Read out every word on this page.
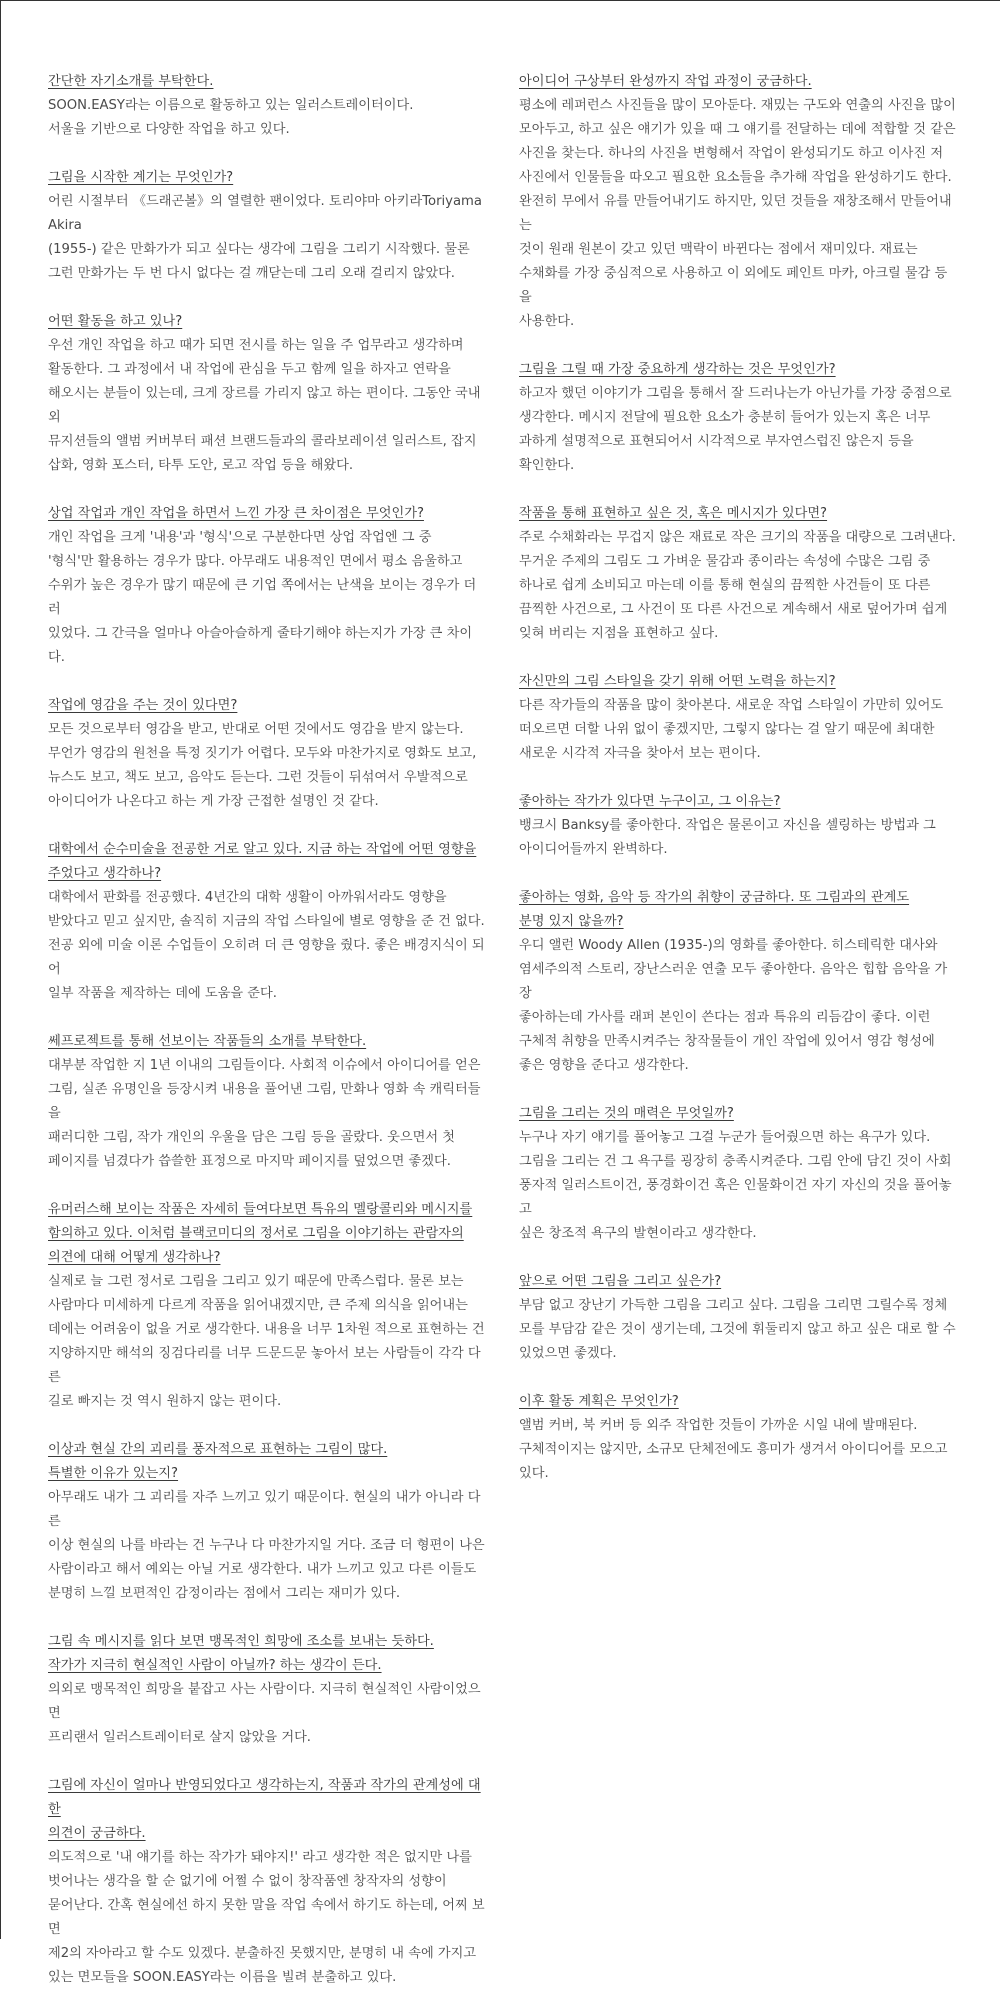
간단한 자기소개를 부탁한다.

SOON.EASY라는 이름으로 활동하고 있는 일러스트레이터이다.
서울을 기반으로 다양한 작업을 하고 있다.

그림을 시작한 계기는 무엇인가?

어린 시절부터 《드래곤볼》의 열렬한 팬이었다. 토리야마 아키라Toriyama Akira
(1955-) 같은 만화가가 되고 싶다는 생각에 그림을 그리기 시작했다. 물론
그런 만화가는 두 번 다시 없다는 걸 깨닫는데 그리 오래 걸리지 않았다.

어떤 활동을 하고 있나?

우선 개인 작업을 하고 때가 되면 전시를 하는 일을 주 업무라고 생각하며
활동한다. 그 과정에서 내 작업에 관심을 두고 함께 일을 하자고 연락을
해오시는 분들이 있는데, 크게 장르를 가리지 않고 하는 편이다. 그동안 국내외
뮤지션들의 앨범 커버부터 패션 브랜드들과의 콜라보레이션 일러스트, 잡지
삽화, 영화 포스터, 타투 도안, 로고 작업 등을 해왔다.

상업 작업과 개인 작업을 하면서 느낀 가장 큰 차이점은 무엇인가?

개인 작업을 크게 '내용'과 '형식'으로 구분한다면 상업 작업엔 그 중
'형식'만 활용하는 경우가 많다. 아무래도 내용적인 면에서 평소 음울하고
수위가 높은 경우가 많기 때문에 큰 기업 쪽에서는 난색을 보이는 경우가 더러
있었다. 그 간극을 얼마나 아슬아슬하게 줄타기해야 하는지가 가장 큰 차이다.

작업에 영감을 주는 것이 있다면?

모든 것으로부터 영감을 받고, 반대로 어떤 것에서도 영감을 받지 않는다.
무언가 영감의 원천을 특정 짓기가 어렵다. 모두와 마찬가지로 영화도 보고,
뉴스도 보고, 책도 보고, 음악도 듣는다. 그런 것들이 뒤섞여서 우발적으로
아이디어가 나온다고 하는 게 가장 근접한 설명인 것 같다.

대학에서 순수미술을 전공한 거로 알고 있다. 지금 하는 작업에 어떤 영향을
주었다고 생각하나?

대학에서 판화를 전공했다. 4년간의 대학 생활이 아까워서라도 영향을
받았다고 믿고 싶지만, 솔직히 지금의 작업 스타일에 별로 영향을 준 건 없다.
전공 외에 미술 이론 수업들이 오히려 더 큰 영향을 줬다. 좋은 배경지식이 되어
일부 작품을 제작하는 데에 도움을 준다.

쎄프로젝트를 통해 선보이는 작품들의 소개를 부탁한다.

대부분 작업한 지 1년 이내의 그림들이다. 사회적 이슈에서 아이디어를 얻은
그림, 실존 유명인을 등장시켜 내용을 풀어낸 그림, 만화나 영화 속 캐릭터들을
패러디한 그림, 작가 개인의 우울을 담은 그림 등을 골랐다. 웃으면서 첫
페이지를 넘겼다가 씁쓸한 표정으로 마지막 페이지를 덮었으면 좋겠다.

유머러스해 보이는 작품은 자세히 들여다보면 특유의 멜랑콜리와 메시지를
함의하고 있다. 이처럼 블랙코미디의 정서로 그림을 이야기하는 관람자의
의견에 대해 어떻게 생각하나?

실제로 늘 그런 정서로 그림을 그리고 있기 때문에 만족스럽다. 물론 보는
사람마다 미세하게 다르게 작품을 읽어내겠지만, 큰 주제 의식을 읽어내는
데에는 어려움이 없을 거로 생각한다. 내용을 너무 1차원 적으로 표현하는 건
지양하지만 해석의 징검다리를 너무 드문드문 놓아서 보는 사람들이 각각 다른
길로 빠지는 것 역시 원하지 않는 편이다.

이상과 현실 간의 괴리를 풍자적으로 표현하는 그림이 많다.
특별한 이유가 있는지?

아무래도 내가 그 괴리를 자주 느끼고 있기 때문이다. 현실의 내가 아니라 다른
이상 현실의 나를 바라는 건 누구나 다 마찬가지일 거다. 조금 더 형편이 나은
사람이라고 해서 예외는 아닐 거로 생각한다. 내가 느끼고 있고 다른 이들도
분명히 느낄 보편적인 감정이라는 점에서 그리는 재미가 있다.

그림 속 메시지를 읽다 보면 맹목적인 희망에 조소를 보내는 듯하다.
작가가 지극히 현실적인 사람이 아닐까? 하는 생각이 든다.

의외로 맹목적인 희망을 붙잡고 사는 사람이다. 지극히 현실적인 사람이었으면
프리랜서 일러스트레이터로 살지 않았을 거다.

그림에 자신이 얼마나 반영되었다고 생각하는지, 작품과 작가의 관계성에 대한
의견이 궁금하다.

의도적으로 '내 얘기를 하는 작가가 돼야지!' 라고 생각한 적은 없지만 나를
벗어나는 생각을 할 순 없기에 어쩔 수 없이 창작품엔 창작자의 성향이
묻어난다. 간혹 현실에선 하지 못한 말을 작업 속에서 하기도 하는데, 어찌 보면
제2의 자아라고 할 수도 있겠다. 분출하진 못했지만, 분명히 내 속에 가지고
있는 면모들을 SOON.EASY라는 이름을 빌려 분출하고 있다.

아이디어 구상부터 완성까지 작업 과정이 궁금하다.

평소에 레퍼런스 사진들을 많이 모아둔다. 재밌는 구도와 연출의 사진을 많이
모아두고, 하고 싶은 얘기가 있을 때 그 얘기를 전달하는 데에 적합할 것 같은
사진을 찾는다. 하나의 사진을 변형해서 작업이 완성되기도 하고 이사진 저
사진에서 인물들을 따오고 필요한 요소들을 추가해 작업을 완성하기도 한다.
완전히 무에서 유를 만들어내기도 하지만, 있던 것들을 재창조해서 만들어내는
것이 원래 원본이 갖고 있던 맥락이 바뀐다는 점에서 재미있다. 재료는
수채화를 가장 중심적으로 사용하고 이 외에도 페인트 마카, 아크릴 물감 등을
사용한다.

그림을 그릴 때 가장 중요하게 생각하는 것은 무엇인가?

하고자 했던 이야기가 그림을 통해서 잘 드러나는가 아닌가를 가장 중점으로
생각한다. 메시지 전달에 필요한 요소가 충분히 들어가 있는지 혹은 너무
과하게 설명적으로 표현되어서 시각적으로 부자연스럽진 않은지 등을
확인한다.

작품을 통해 표현하고 싶은 것, 혹은 메시지가 있다면?

주로 수채화라는 무겁지 않은 재료로 작은 크기의 작품을 대량으로 그려낸다.
무거운 주제의 그림도 그 가벼운 물감과 종이라는 속성에 수많은 그림 중
하나로 쉽게 소비되고 마는데 이를 통해 현실의 끔찍한 사건들이 또 다른
끔찍한 사건으로, 그 사건이 또 다른 사건으로 계속해서 새로 덮어가며 쉽게
잊혀 버리는 지점을 표현하고 싶다.

자신만의 그림 스타일을 갖기 위해 어떤 노력을 하는지?

다른 작가들의 작품을 많이 찾아본다. 새로운 작업 스타일이 가만히 있어도
떠오르면 더할 나위 없이 좋겠지만, 그렇지 않다는 걸 알기 때문에 최대한
새로운 시각적 자극을 찾아서 보는 편이다.

좋아하는 작가가 있다면 누구이고, 그 이유는?

뱅크시 Banksy를 좋아한다. 작업은 물론이고 자신을 셀링하는 방법과 그
아이디어들까지 완벽하다.

좋아하는 영화, 음악 등 작가의 취향이 궁금하다. 또 그림과의 관계도
분명 있지 않을까?

우디 앨런 Woody Allen (1935-)의 영화를 좋아한다. 히스테릭한 대사와
염세주의적 스토리, 장난스러운 연출 모두 좋아한다. 음악은 힙합 음악을 가장
좋아하는데 가사를 래퍼 본인이 쓴다는 점과 특유의 리듬감이 좋다. 이런
구체적 취향을 만족시켜주는 창작물들이 개인 작업에 있어서 영감 형성에
좋은 영향을 준다고 생각한다.

그림을 그리는 것의 매력은 무엇일까?

누구나 자기 얘기를 풀어놓고 그걸 누군가 들어줬으면 하는 욕구가 있다.
그림을 그리는 건 그 욕구를 굉장히 충족시켜준다. 그림 안에 담긴 것이 사회
풍자적 일러스트이건, 풍경화이건 혹은 인물화이건 자기 자신의 것을 풀어놓고
싶은 창조적 욕구의 발현이라고 생각한다.

앞으로 어떤 그림을 그리고 싶은가?

부담 없고 장난기 가득한 그림을 그리고 싶다. 그림을 그리면 그릴수록 정체
모를 부담감 같은 것이 생기는데, 그것에 휘둘리지 않고 하고 싶은 대로 할 수
있었으면 좋겠다.

이후 활동 계획은 무엇인가?

앨범 커버, 북 커버 등 외주 작업한 것들이 가까운 시일 내에 발매된다.
구체적이지는 않지만, 소규모 단체전에도 흥미가 생겨서 아이디어를 모으고
있다.
